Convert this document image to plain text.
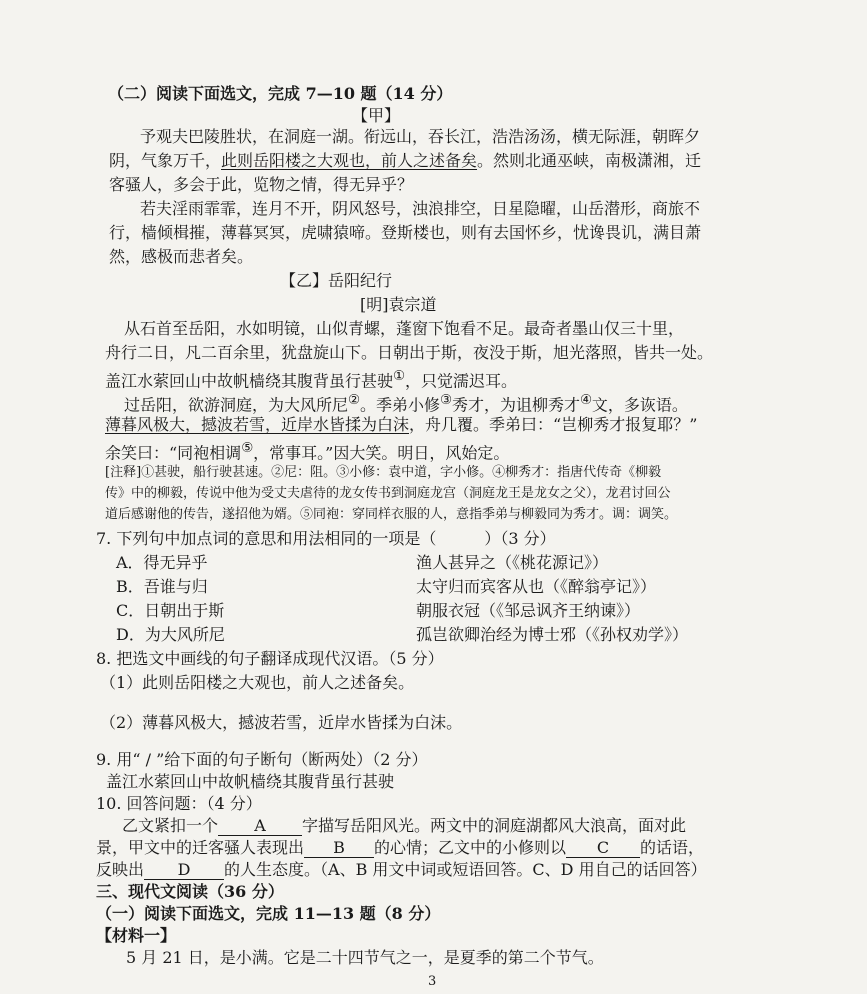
（二）阅读下面选文，完成 7—10 题（14 分）
【甲】
予观夫巴陵胜状，在洞庭一湖。衔远山，吞长江，浩浩汤汤，横无际涯，朝晖夕
阴，气象万千，此则岳阳楼之大观也，前人之述备矣。然则北通巫峡，南极潇湘，迁
客骚人，多会于此，览物之情，得无异乎？
若夫淫雨霏霏，连月不开，阴风怒号，浊浪排空，日星隐曜，山岳潜形，商旅不
行，樯倾楫摧，薄暮冥冥，虎啸猿啼。登斯楼也，则有去国怀乡，忧谗畏讥，满目萧
然，感极而悲者矣。
【乙】岳阳纪行
[明]袁宗道
从石首至岳阳，水如明镜，山似青螺，蓬窗下饱看不足。最奇者墨山仅三十里，
舟行二日，凡二百余里，犹盘旋山下。日朝出于斯，夜没于斯，旭光落照，皆共一处。
盖江水萦回山中故帆樯绕其腹背虽行甚驶①，只觉濡迟耳。
过岳阳，欲游洞庭，为大风所尼②。季弟小修③秀才，为诅柳秀才④文，多诙语。
薄暮风极大，撼波若雪，近岸水皆揉为白沫，舟几覆。季弟曰：“岂柳秀才报复耶？”
余笑曰：“同袍相调⑤，常事耳。”因大笑。明日，风始定。
[注释]①甚驶，船行驶甚速。②尼：阻。③小修：袁中道，字小修。④柳秀才：指唐代传奇《柳毅
传》中的柳毅，传说中他为受丈夫虐待的龙女传书到洞庭龙宫（洞庭龙王是龙女之父），龙君讨回公
道后感谢他的传告，遂招他为婿。⑤同袍：穿同样衣服的人，意指季弟与柳毅同为秀才。调：调笑。
7. 下列句中加点词的意思和用法相同的一项是（　　　）（3 分）
A．得无异乎	渔人甚异之（《桃花源记》）
B．吾谁与归	太守归而宾客从也（《醉翁亭记》）
C．日朝出于斯	朝服衣冠（《邹忌讽齐王纳谏》）
D．为大风所尼	孤岂欲卿治经为博士邪（《孙权劝学》）
8. 把选文中画线的句子翻译成现代汉语。（5 分）
（1）此则岳阳楼之大观也，前人之述备矣。
（2）薄暮风极大，撼波若雪，近岸水皆揉为白沫。
9. 用“ / ”给下面的句子断句（断两处）（2 分）
盖江水萦回山中故帆樯绕其腹背虽行甚驶
10. 回答问题：（4 分）
乙文紧扣一个 A 字描写岳阳风光。两文中的洞庭湖都风大浪高，面对此
景，甲文中的迁客骚人表现出 B 的心情；乙文中的小修则以 C 的话语，
反映出 D 的人生态度。（A、B 用文中词或短语回答。C、D 用自己的话回答）
三、现代文阅读（36 分）
（一）阅读下面选文，完成 11—13 题（8 分）
【材料一】
5 月 21 日，是小满。它是二十四节气之一，是夏季的第二个节气。
3
